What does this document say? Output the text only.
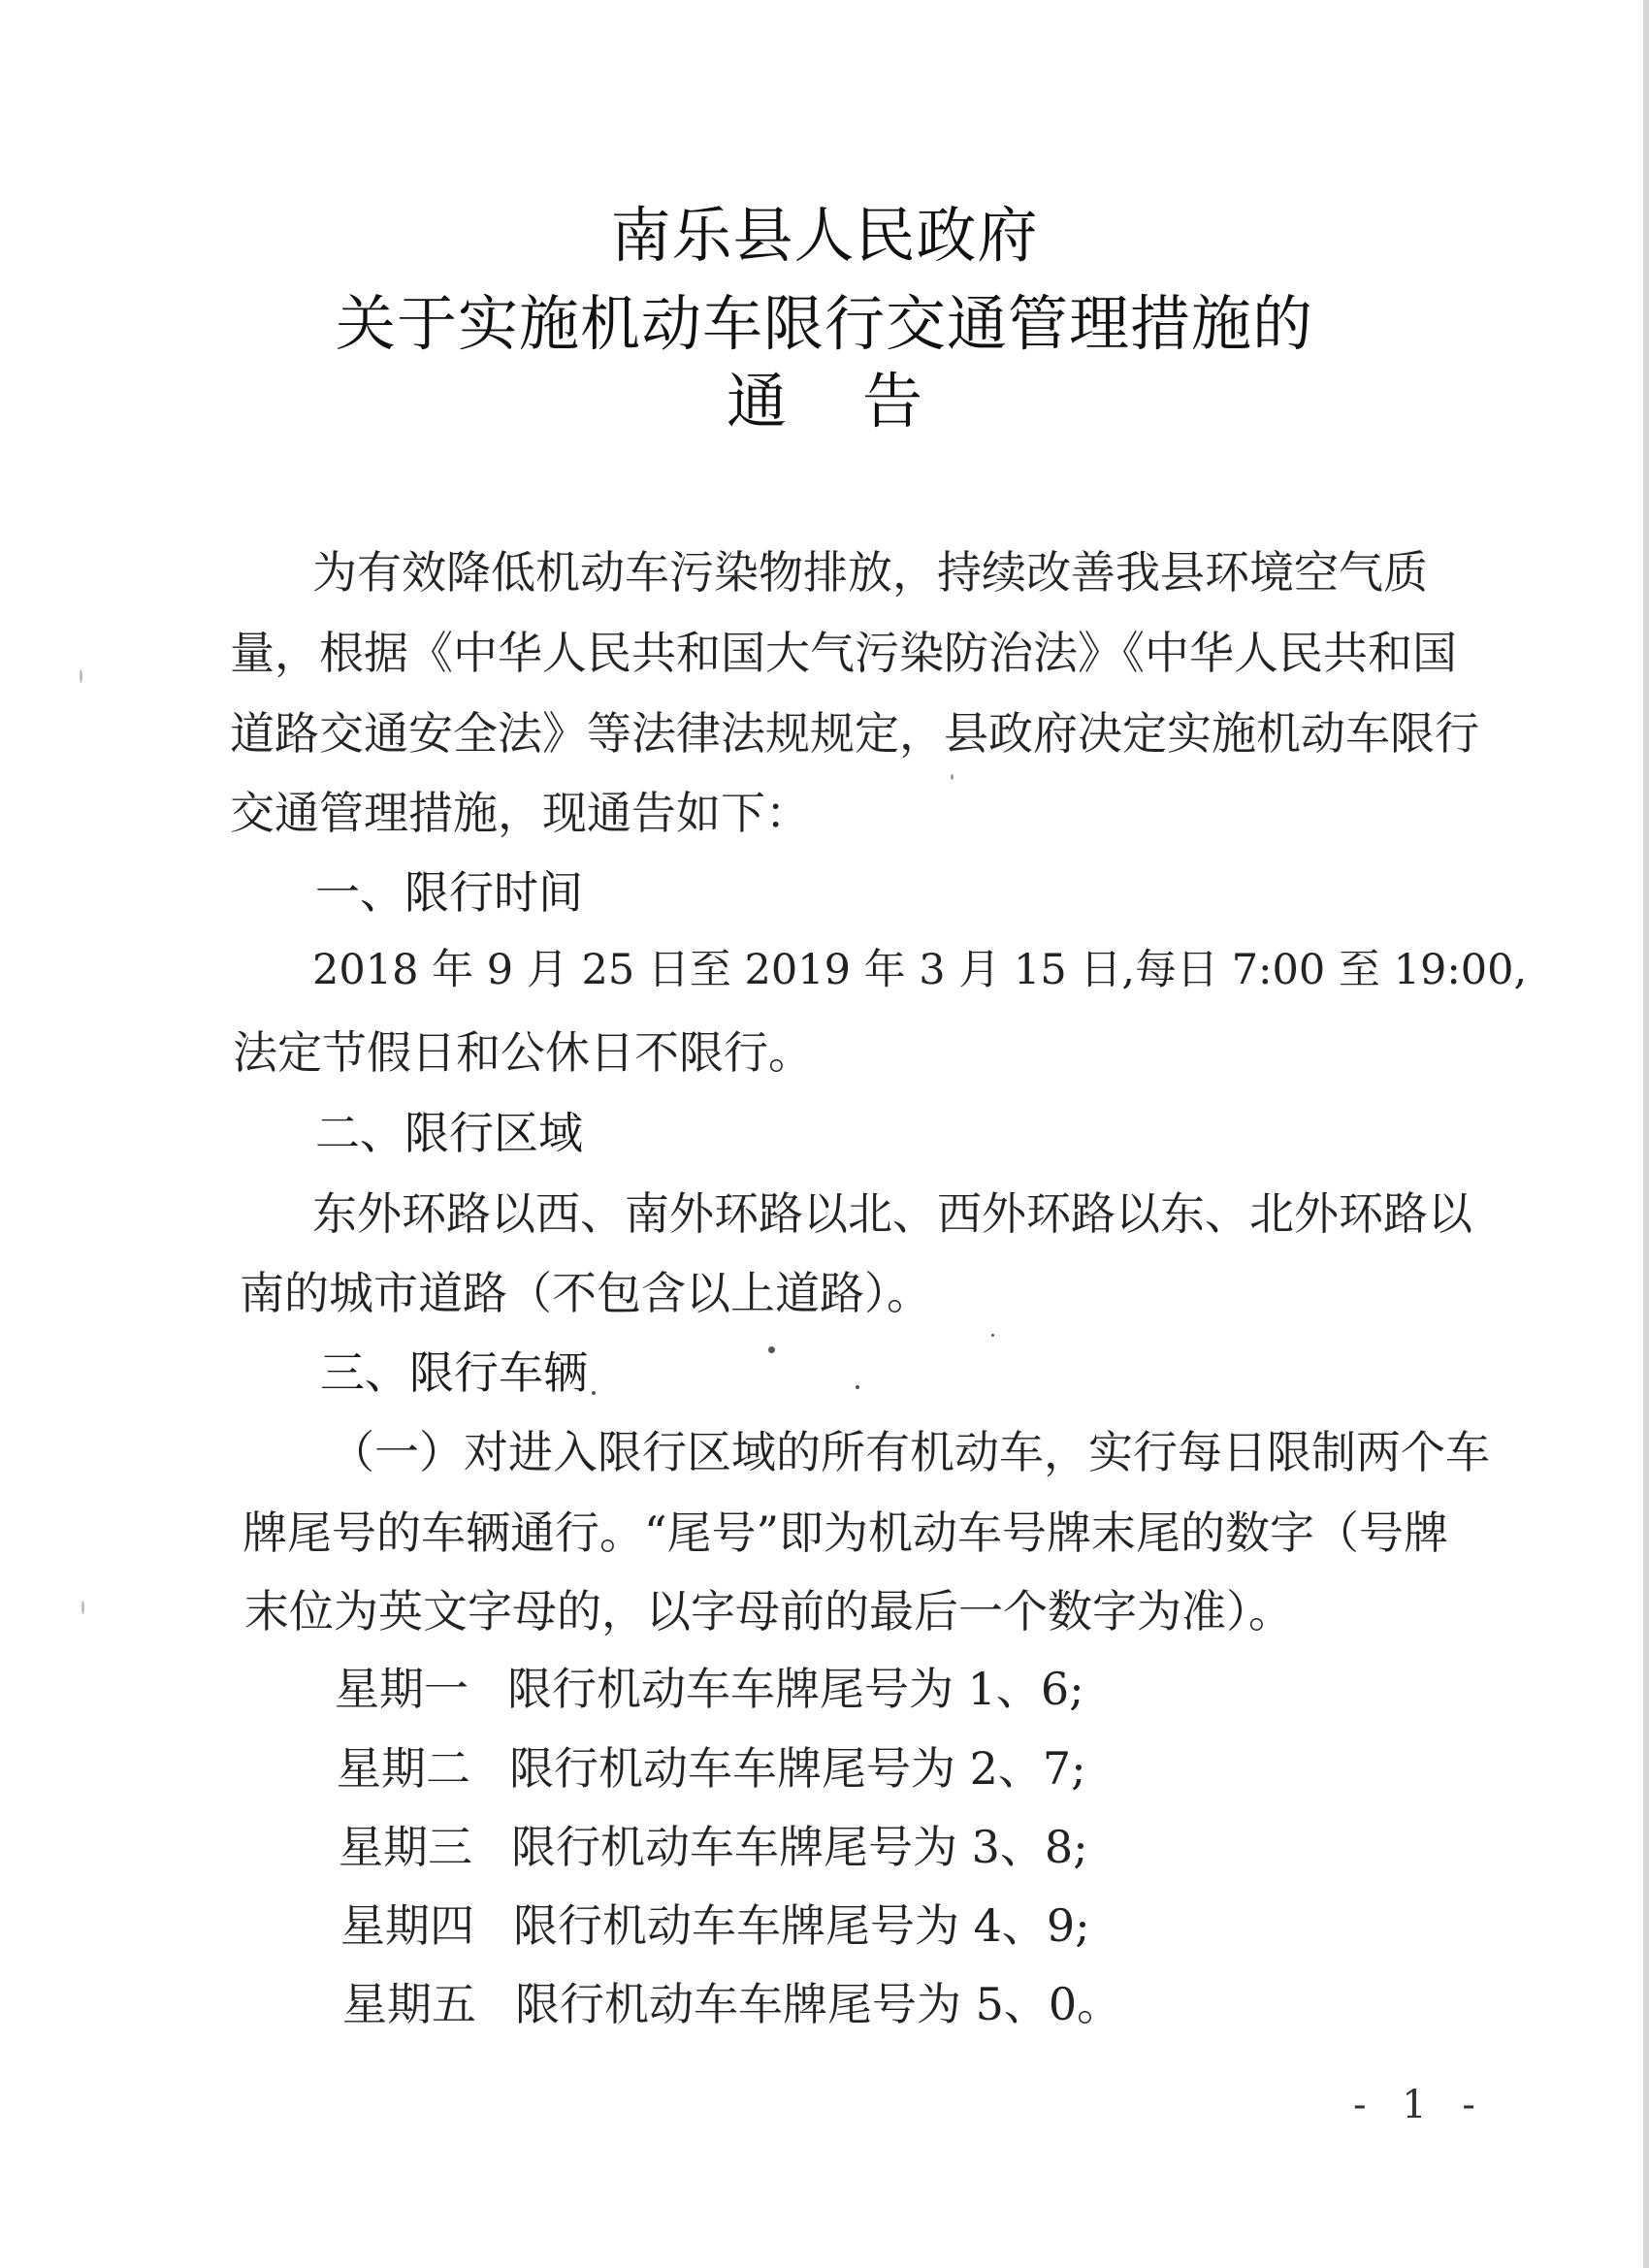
南乐县人民政府
关于实施机动车限行交通管理措施的
通告
为有效降低机动车污染物排放，持续改善我县环境空气质
量，根据《中华人民共和国大气污染防治法》《中华人民共和国
道路交通安全法》等法律法规规定，县政府决定实施机动车限行
交通管理措施，现通告如下：
一、限行时间
2018 年 9 月 25 日至 2019 年 3 月 15 日,每日 7:00 至 19:00,
法定节假日和公休日不限行。
二、限行区域
东外环路以西、南外环路以北、西外环路以东、北外环路以
南的城市道路（不包含以上道路）。
三、限行车辆
（一）对进入限行区域的所有机动车，实行每日限制两个车
牌尾号的车辆通行。“尾号”即为机动车号牌末尾的数字（号牌
末位为英文字母的，以字母前的最后一个数字为准）。
星期一 限行机动车车牌尾号为 1、6;
星期二 限行机动车车牌尾号为 2、7;
星期三 限行机动车车牌尾号为 3、8;
星期四 限行机动车车牌尾号为 4、9;
星期五 限行机动车车牌尾号为 5、0。
- 1 -
